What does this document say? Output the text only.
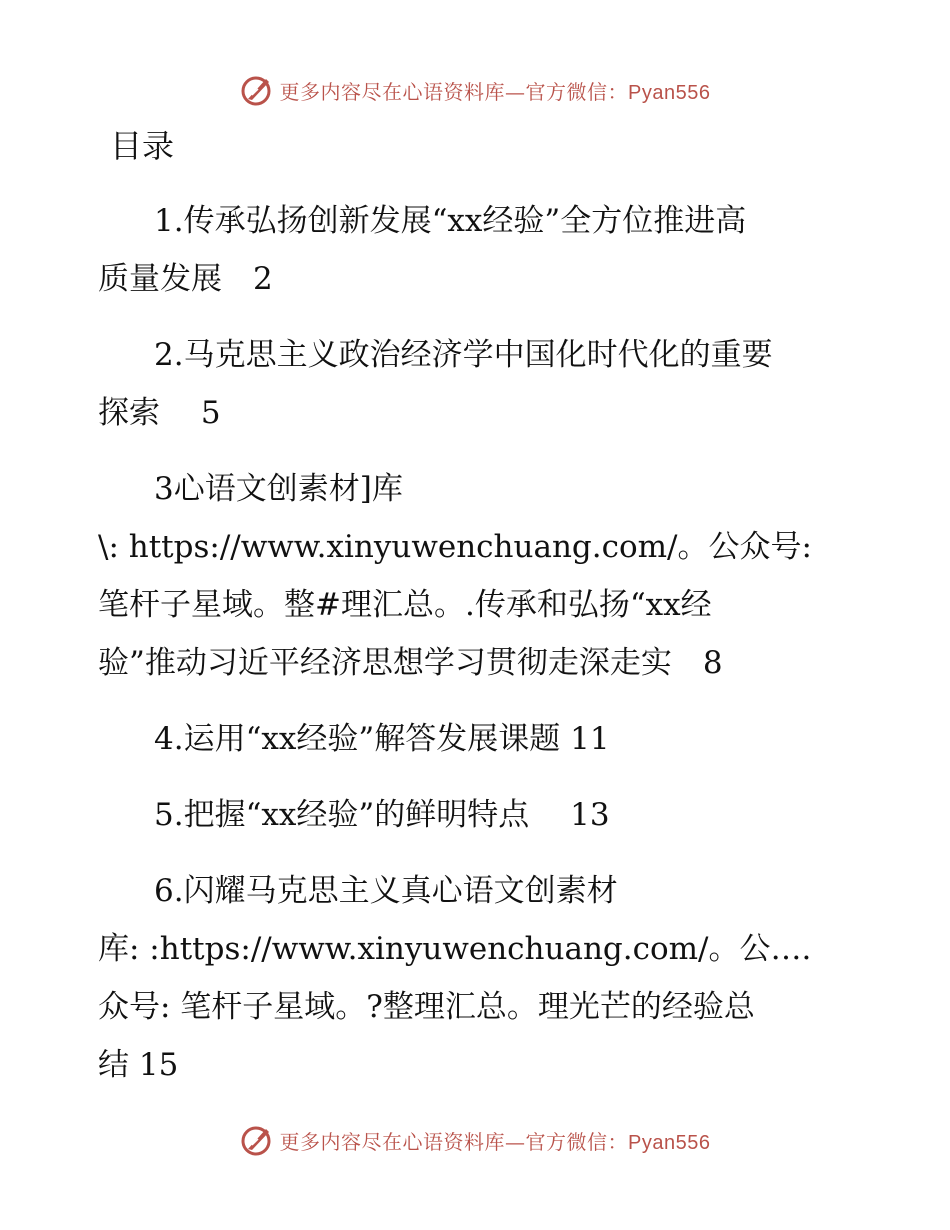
更多内容尽在心语资料库—官方微信：Pyan556
目录
1.传承弘扬创新发展“xx经验”全方位推进高
质量发展　2
2.马克思主义政治经济学中国化时代化的重要
探索　 5
3心语文创素材]库
\: https://www.xinyuwenchuang.com/。公众号:
笔杆子星域。整#理汇总。.传承和弘扬“xx经
验”推动习近平经济思想学习贯彻走深走实　8
4.运用“xx经验”解答发展课题 11
5.把握“xx经验”的鲜明特点　 13
6.闪耀马克思主义真心语文创素材
库: :https://www.xinyuwenchuang.com/。公….
众号: 笔杆子星域。?整理汇总。理光芒的经验总
结 15
更多内容尽在心语资料库—官方微信：Pyan556
